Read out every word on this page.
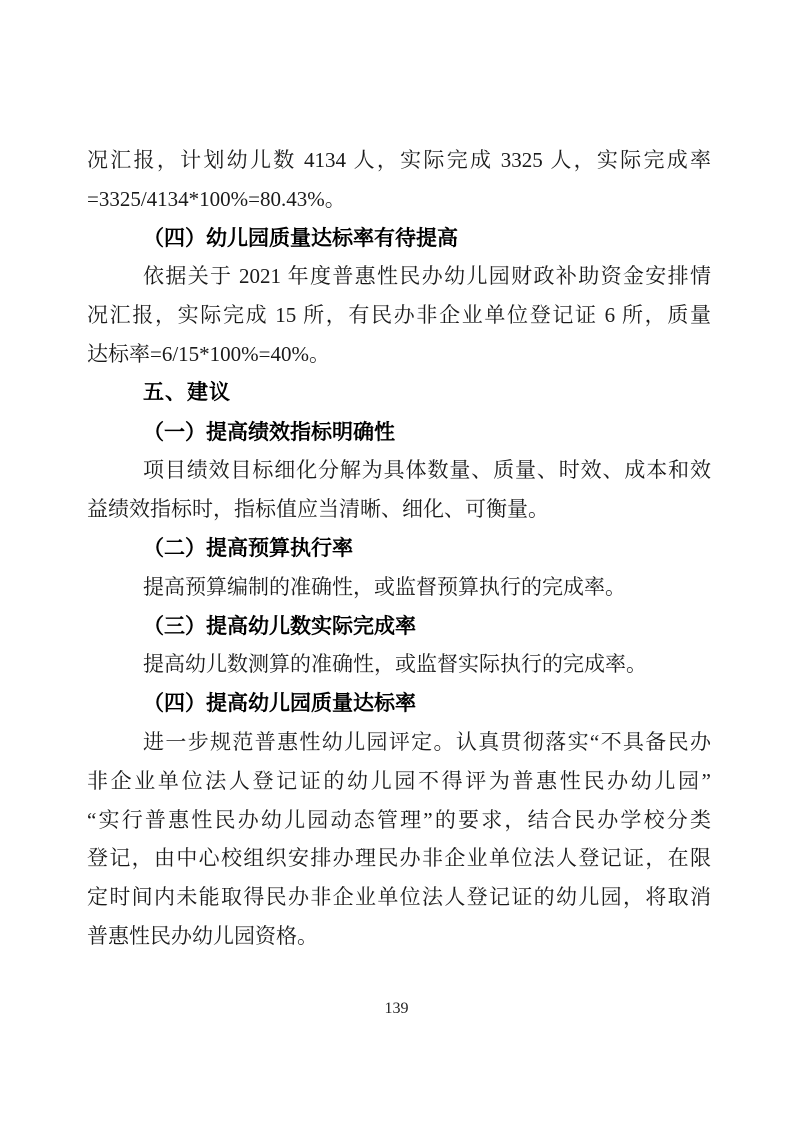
况汇报，计划幼儿数 4134 人，实际完成 3325 人，实际完成率
=3325/4134*100%=80.43%。
（四）幼儿园质量达标率有待提高
依据关于 2021 年度普惠性民办幼儿园财政补助资金安排情
况汇报，实际完成 15 所，有民办非企业单位登记证 6 所，质量
达标率=6/15*100%=40%。
五、建议
（一）提高绩效指标明确性
项目绩效目标细化分解为具体数量、质量、时效、成本和效
益绩效指标时，指标值应当清晰、细化、可衡量。
（二）提高预算执行率
提高预算编制的准确性，或监督预算执行的完成率。
（三）提高幼儿数实际完成率
提高幼儿数测算的准确性，或监督实际执行的完成率。
（四）提高幼儿园质量达标率
进一步规范普惠性幼儿园评定。认真贯彻落实“不具备民办
非企业单位法人登记证的幼儿园不得评为普惠性民办幼儿园”
“实行普惠性民办幼儿园动态管理”的要求，结合民办学校分类
登记，由中心校组织安排办理民办非企业单位法人登记证，在限
定时间内未能取得民办非企业单位法人登记证的幼儿园，将取消
普惠性民办幼儿园资格。
139
